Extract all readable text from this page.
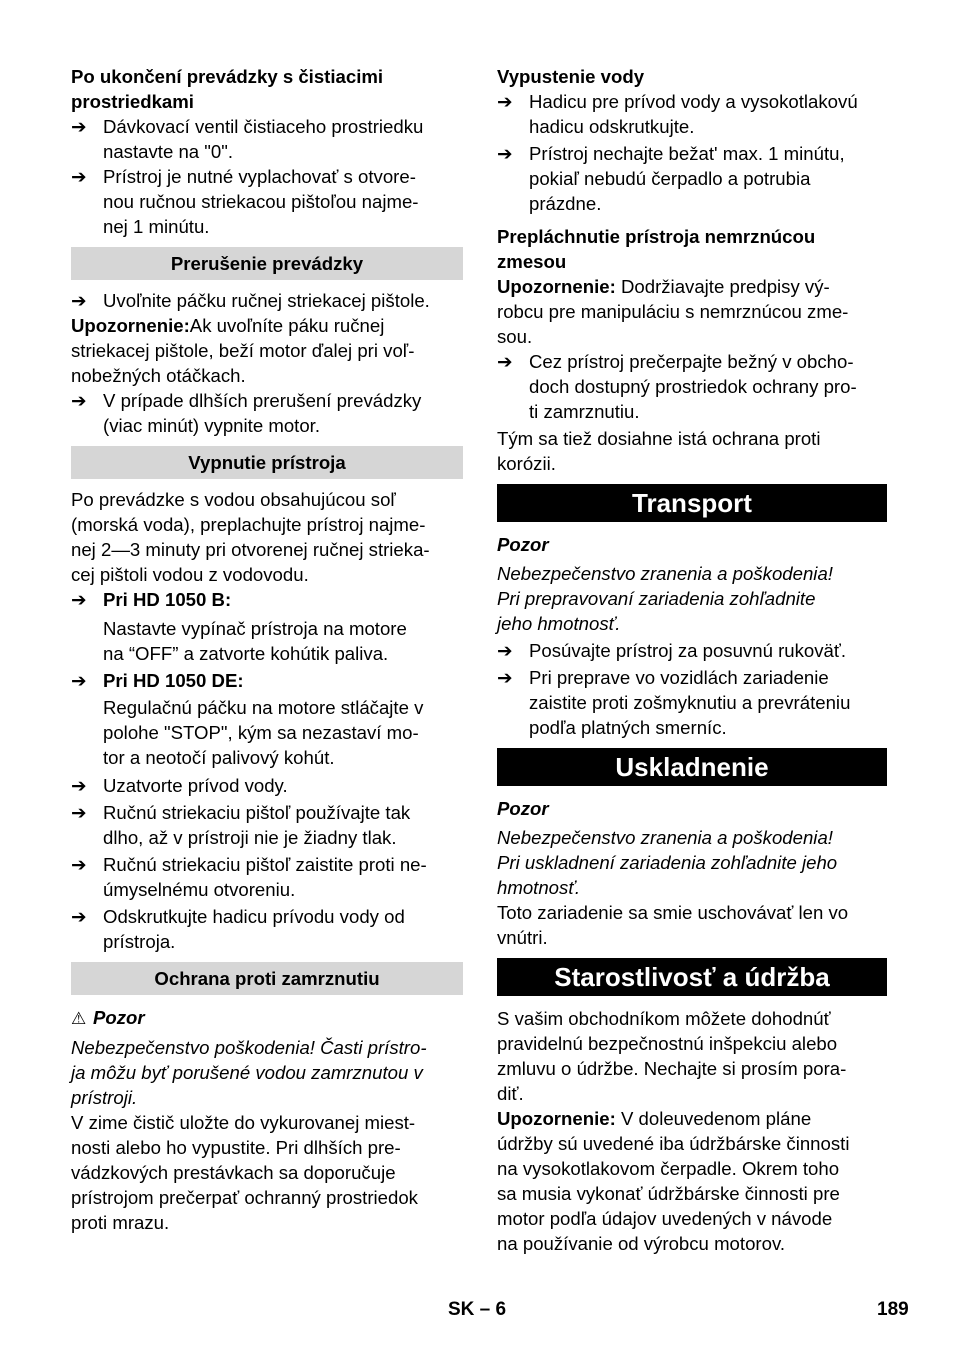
Po ukončení prevádzky s čistiacimi
prostriedkami

➔ Dávkovací ventil čistiaceho prostriedku
nastavte na "0".
➔ Prístroj je nutné vyplachovať s otvore-
nou ručnou striekacou pištoľou najme-
nej 1 minútu.
Prerušenie prevádzky
➔ Uvoľnite páčku ručnej striekacej pištole.

Upozornenie:Ak uvoľníte páku ručnej
striekacej pištole, beží motor ďalej pri voľ-
nobežných otáčkach.

➔ V prípade dlhších prerušení prevádzky
(viac minút) vypnite motor.
Vypnutie prístroja

Po prevádzke s vodou obsahujúcou soľ
(morská voda), preplachujte prístroj najme-
nej 2—3 minuty pri otvorenej ručnej strieka-
cej pištoli vodou z vodovodu.

➔ Pri HD 1050 B:

Nastavte vypínač prístroja na motore
na “OFF” a zatvorte kohútik paliva.

➔ Pri HD 1050 DE:

Regulačnú páčku na motore stláčajte v
polohe "STOP", kým sa nezastaví mo-
tor a neotočí palivový kohút.

➔ Uzatvorte prívod vody.
➔ Ručnú striekaciu pištoľ používajte tak
dlho, až v prístroji nie je žiadny tlak.
➔ Ručnú striekaciu pištoľ zaistite proti ne-
úmyselnému otvoreniu.
➔ Odskrutkujte hadicu prívodu vody od
prístroja.
Ochrana proti zamrznutiu

⚠ Pozor

Nebezpečenstvo poškodenia! Časti prístro-
ja môžu byť porušené vodou zamrznutou v
prístroji.

V zime čistič uložte do vykurovanej miest-
nosti alebo ho vypustite. Pri dlhších pre-
vádzkových prestávkach sa doporučuje
prístrojom prečerpať ochranný prostriedok
proti mrazu.

Vypustenie vody

➔ Hadicu pre prívod vody a vysokotlakovú
hadicu odskrutkujte.
➔ Prístroj nechajte bežat' max. 1 minútu,
pokiaľ nebudú čerpadlo a potrubia
prázdne.

Prepláchnutie prístroja nemrznúcou
zmesou

Upozornenie: Dodržiavajte predpisy vý-
robcu pre manipuláciu s nemrznúcou zme-
sou.

➔ Cez prístroj prečerpajte bežný v obcho-
doch dostupný prostriedok ochrany pro-
ti zamrznutiu.

Tým sa tiež dosiahne istá ochrana proti
korózii.

Transport

Pozor

Nebezpečenstvo zranenia a poškodenia!
Pri prepravovaní zariadenia zohľadnite
jeho hmotnosť.

➔ Posúvajte prístroj za posuvnú rukoväť.
➔ Pri preprave vo vozidlách zariadenie
zaistite proti zošmyknutiu a prevráteniu
podľa platných smerníc.
Uskladnenie

Pozor

Nebezpečenstvo zranenia a poškodenia!
Pri uskladnení zariadenia zohľadnite jeho
hmotnosť.

Toto zariadenie sa smie uschovávať len vo
vnútri.

Starostlivosť a údržba

S vašim obchodníkom môžete dohodnúť
pravidelnú bezpečnostnú inšpekciu alebo
zmluvu o údržbe. Nechajte si prosím pora-
diť.

Upozornenie: V doleuvedenom pláne
údržby sú uvedené iba údržbárske činnosti
na vysokotlakovom čerpadle. Okrem toho
sa musia vykonať údržbárske činnosti pre
motor podľa údajov uvedených v návode
na používanie od výrobcu motorov.

SK – 6	189
